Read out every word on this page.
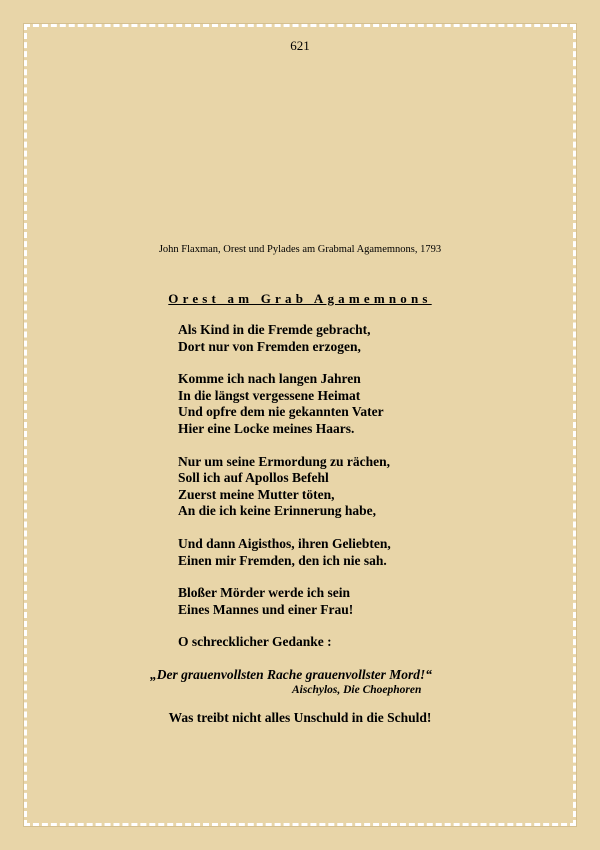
621
John Flaxman, Orest und Pylades am Grabmal Agamemnons, 1793
Orest am Grab Agamemnons
Als Kind in die Fremde gebracht,
Dort nur von Fremden erzogen,
Komme ich nach langen Jahren
In die längst vergessene Heimat
Und opfre dem nie gekannten Vater
Hier eine Locke meines Haars.
Nur um seine Ermordung zu rächen,
Soll ich auf Apollos Befehl
Zuerst meine Mutter töten,
An die ich keine Erinnerung habe,
Und dann Aigisthos, ihren Geliebten,
Einen mir Fremden, den ich nie sah.
Bloßer Mörder werde ich sein
Eines Mannes und einer Frau!
O schrecklicher Gedanke :
„Der grauenvollsten Rache grauenvollster Mord!“
Aischylos, Die Choephoren
Was treibt nicht alles Unschuld in die Schuld!
